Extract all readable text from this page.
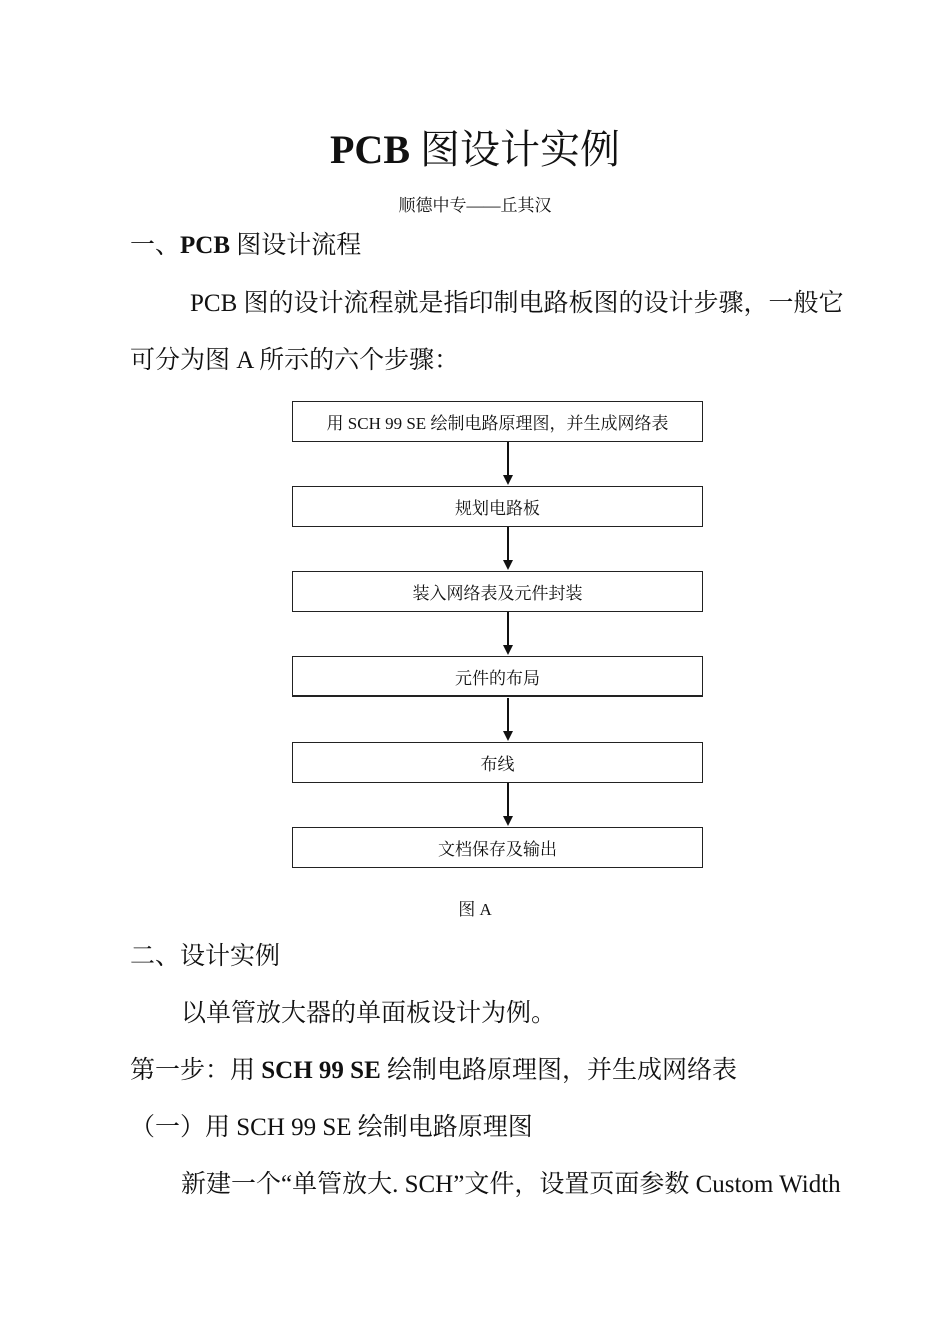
PCB 图设计实例
顺德中专——丘其汉
一、PCB 图设计流程
PCB 图的设计流程就是指印制电路板图的设计步骤，一般它
可分为图 A 所示的六个步骤：
用 SCH 99 SE 绘制电路原理图，并生成网络表
规划电路板
装入网络表及元件封装
元件的布局
布线
文档保存及输出
图 A
二、设计实例
以单管放大器的单面板设计为例。
第一步：用 SCH 99 SE 绘制电路原理图，并生成网络表
（一）用 SCH 99 SE 绘制电路原理图
新建一个“单管放大. SCH”文件，设置页面参数 Custom Width
